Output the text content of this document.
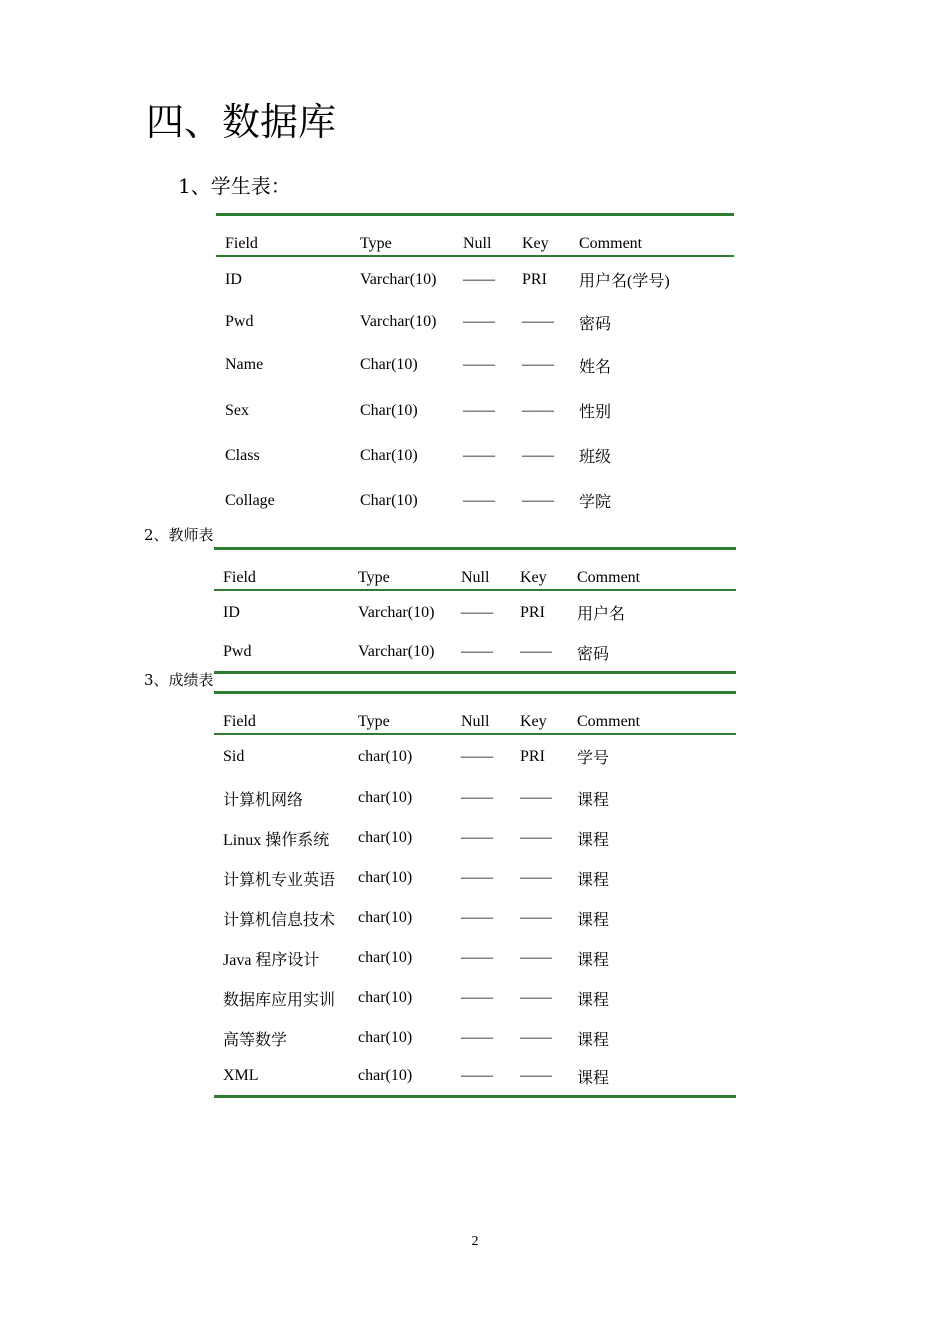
四、数据库
1、学生表：
Field	Type	Null	Key	Comment
ID	Varchar(10)	——	PRI	用户名(学号)
Pwd	Varchar(10)	——	——	密码
Name	Char(10)	——	——	姓名
Sex	Char(10)	——	——	性别
Class	Char(10)	——	——	班级
Collage	Char(10)	——	——	学院
2、教师表
Field	Type	Null	Key	Comment
ID	Varchar(10)	——	PRI	用户名
Pwd	Varchar(10)	——	——	密码
3、成绩表
Field	Type	Null	Key	Comment
Sid	char(10)	——	PRI	学号
计算机网络	char(10)	——	——	课程
Linux 操作系统	char(10)	——	——	课程
计算机专业英语	char(10)	——	——	课程
计算机信息技术	char(10)	——	——	课程
Java 程序设计	char(10)	——	——	课程
数据库应用实训	char(10)	——	——	课程
高等数学	char(10)	——	——	课程
XML	char(10)	——	——	课程
2
